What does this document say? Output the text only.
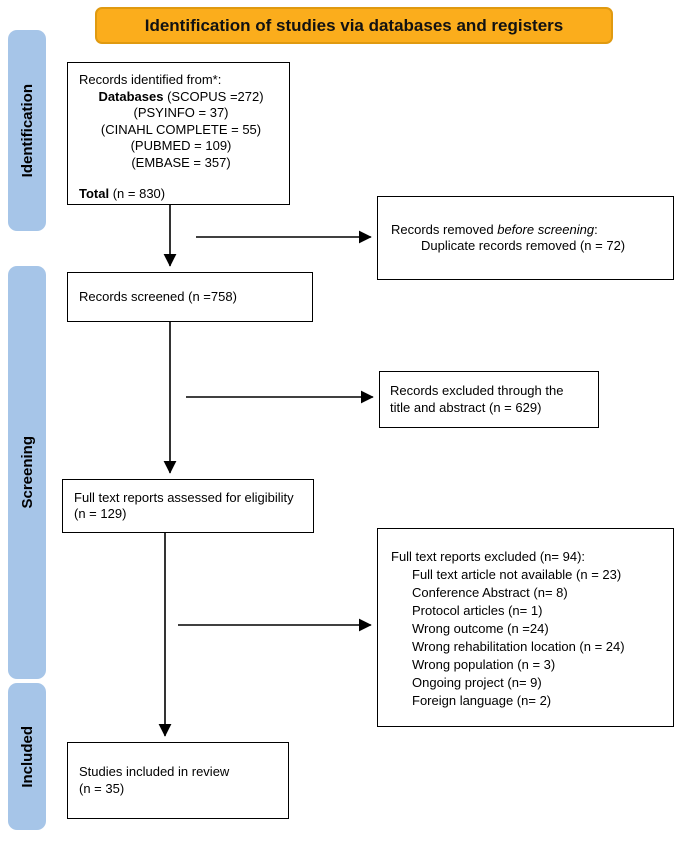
Identification of studies via databases and registers
Identification
Screening
Included
Records identified from*:
Databases (SCOPUS =272)
(PSYINFO = 37)
(CINAHL COMPLETE = 55)
(PUBMED = 109)
(EMBASE = 357)
Total (n = 830)
Records removed before screening:
Duplicate records removed (n = 72)
Records screened (n =758)
Records excluded through the
title and abstract (n = 629)
Full text reports assessed for eligibility
(n = 129)
Full text reports excluded (n= 94):
Full text article not available (n = 23)
Conference Abstract (n= 8)
Protocol articles (n= 1)
Wrong outcome (n =24)
Wrong rehabilitation location (n = 24)
Wrong population (n = 3)
Ongoing project (n= 9)
Foreign language (n= 2)
Studies included in review
(n = 35)
